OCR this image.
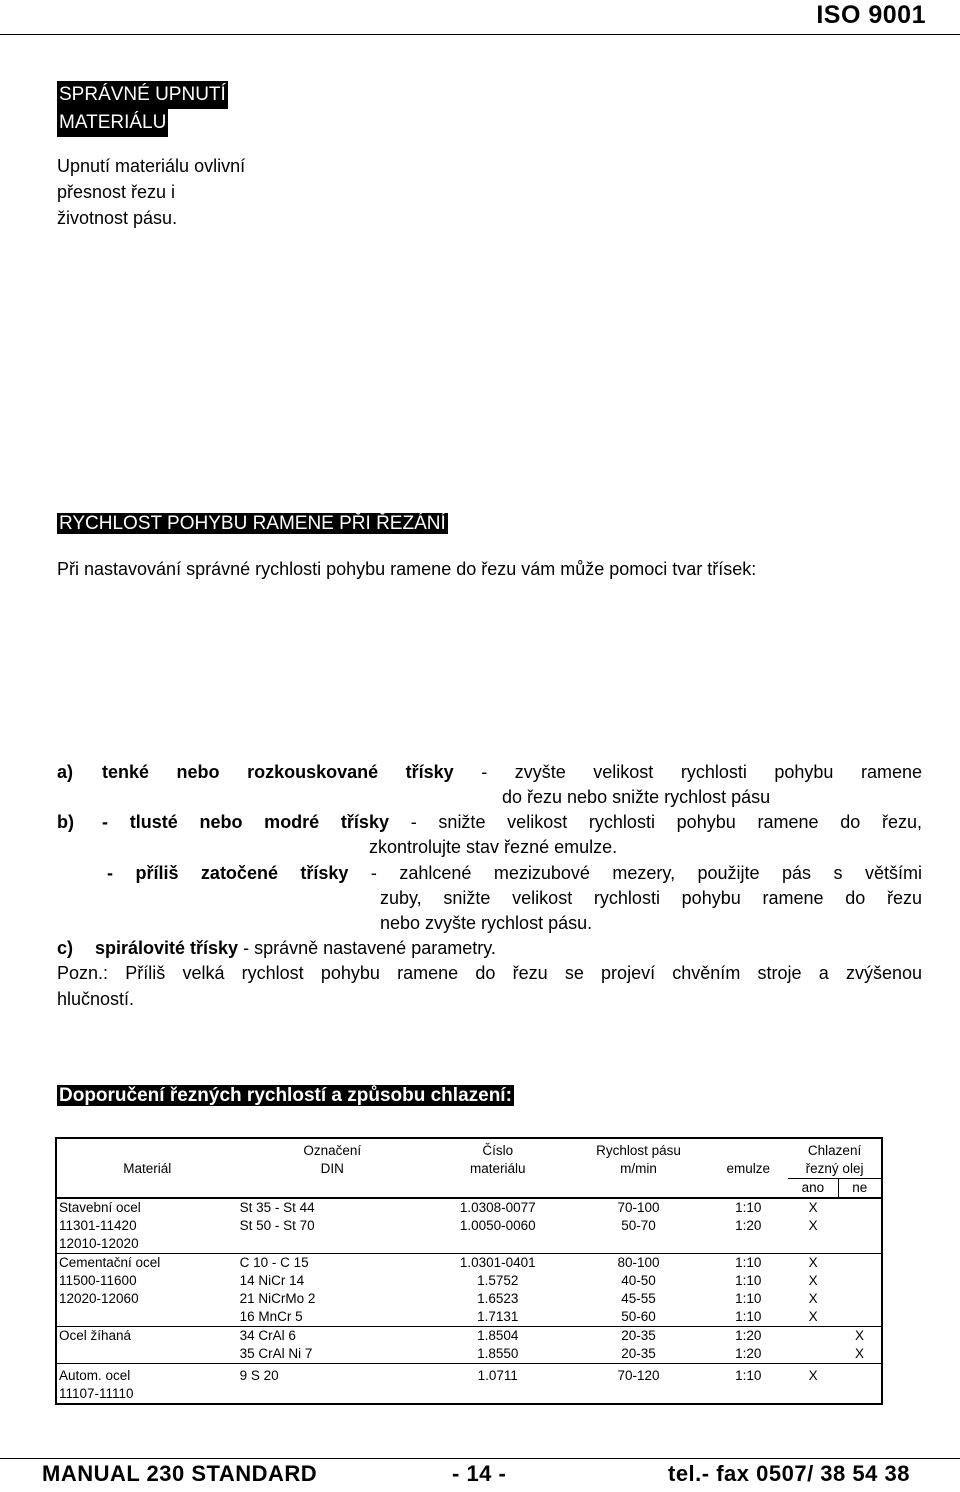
ISO 9001
SPRÁVNÉ UPNUTÍ
MATERIÁLU
Upnutí materiálu ovlivní
přesnost řezu i
životnost pásu.
RYCHLOST POHYBU RAMENE PŘI ŘEZÁNÍ
Při nastavování správné rychlosti pohybu ramene do řezu vám může pomoci tvar třísek:
a) tenké nebo rozkouskované třísky - zvyšte velikost rychlosti pohybu ramene
do řezu nebo snižte rychlost pásu
b) - tlusté nebo modré třísky - snižte velikost rychlosti pohybu ramene do řezu,
zkontrolujte stav řezné emulze.
- příliš zatočené třísky - zahlcené mezizubové mezery, použijte pás s většími
zuby, snižte velikost rychlosti pohybu ramene do řezu
nebo zvyšte rychlost pásu.
c) spirálovité třísky - správně nastavené parametry.
Pozn.: Příliš velká rychlost pohybu ramene do řezu se projeví chvěním stroje a zvýšenou
hlučností.
Doporučení řezných rychlostí a způsobu chlazení:

	Označení	Číslo	Rychlost pásu		Chlazení	
Materiál	DIN	materiálu	m/min	emulze	řezný olej	
					ano	ne
Stavební ocel	St 35 - St 44	1.0308-0077	70-100	1:10	X	
11301-11420	St 50 - St 70	1.0050-0060	50-70	1:20	X	
12010-12020						
Cementační ocel	C 10 - C 15	1.0301-0401	80-100	1:10	X	
11500-11600	14 NiCr 14	1.5752	40-50	1:10	X	
12020-12060	21 NiCrMo 2	1.6523	45-55	1:10	X	
	16 MnCr 5	1.7131	50-60	1:10	X	
Ocel žíhaná	34 CrAl 6	1.8504	20-35	1:20		X
	35 CrAl Ni 7	1.8550	20-35	1:20		X
Autom. ocel	9 S 20	1.0711	70-120	1:10	X	
11107-11110						
MANUAL 230 STANDARD	- 14 -	tel.- fax 0507/ 38 54 38
